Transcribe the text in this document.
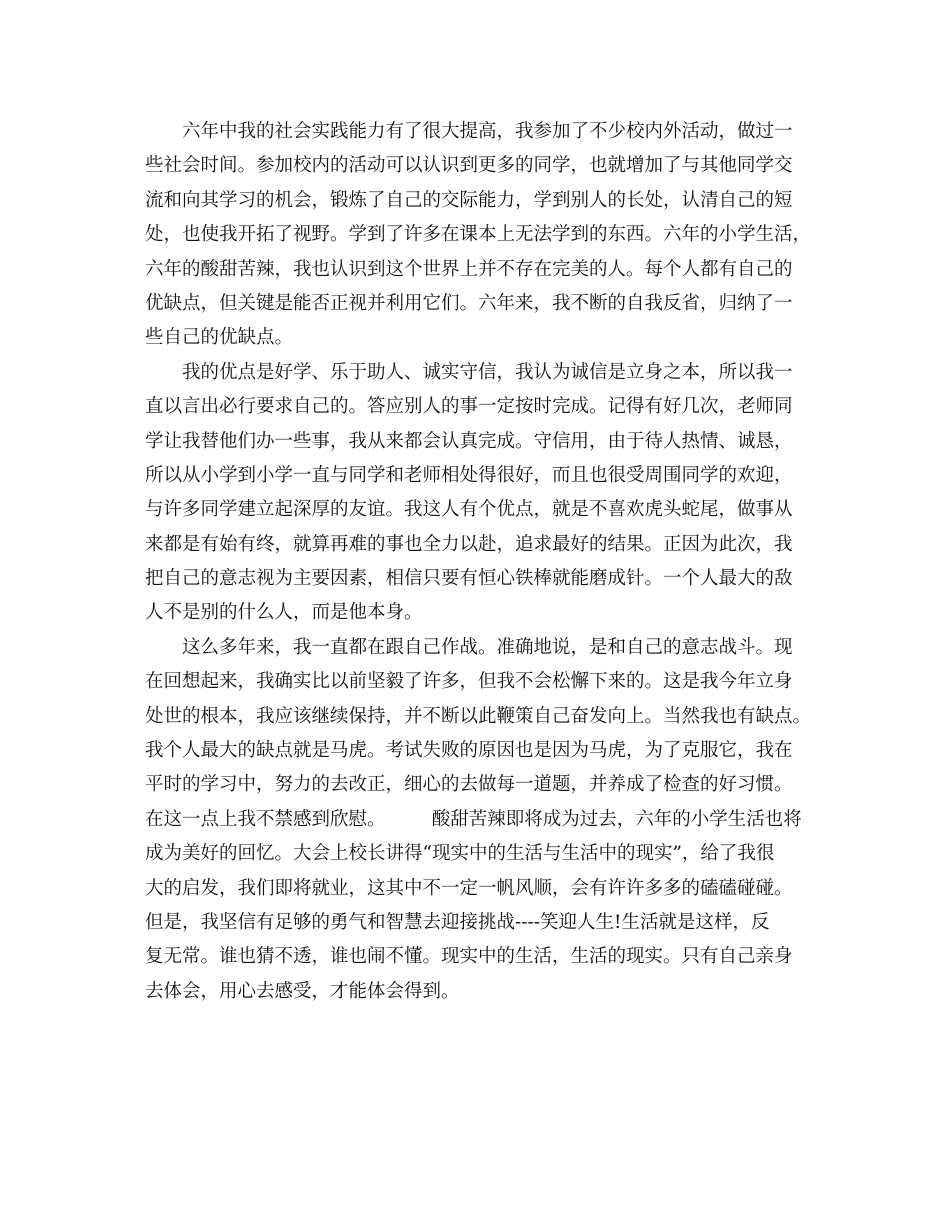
六年中我的社会实践能力有了很大提高，我参加了不少校内外活动，做过一
些社会时间。参加校内的活动可以认识到更多的同学，也就增加了与其他同学交
流和向其学习的机会，锻炼了自己的交际能力，学到别人的长处，认清自己的短
处，也使我开拓了视野。学到了许多在课本上无法学到的东西。六年的小学生活，
六年的酸甜苦辣，我也认识到这个世界上并不存在完美的人。每个人都有自己的
优缺点，但关键是能否正视并利用它们。六年来，我不断的自我反省，归纳了一
些自己的优缺点。
我的优点是好学、乐于助人、诚实守信，我认为诚信是立身之本，所以我一
直以言出必行要求自己的。答应别人的事一定按时完成。记得有好几次，老师同
学让我替他们办一些事，我从来都会认真完成。守信用，由于待人热情、诚恳，
所以从小学到小学一直与同学和老师相处得很好，而且也很受周围同学的欢迎，
与许多同学建立起深厚的友谊。我这人有个优点，就是不喜欢虎头蛇尾，做事从
来都是有始有终，就算再难的事也全力以赴，追求最好的结果。正因为此次，我
把自己的意志视为主要因素，相信只要有恒心铁棒就能磨成针。一个人最大的敌
人不是别的什么人，而是他本身。
这么多年来，我一直都在跟自己作战。准确地说，是和自己的意志战斗。现
在回想起来，我确实比以前坚毅了许多，但我不会松懈下来的。这是我今年立身
处世的根本，我应该继续保持，并不断以此鞭策自己奋发向上。当然我也有缺点。
我个人最大的缺点就是马虎。考试失败的原因也是因为马虎，为了克服它，我在
平时的学习中，努力的去改正，细心的去做每一道题，并养成了检查的好习惯。
在这一点上我不禁感到欣慰。　　　酸甜苦辣即将成为过去，六年的小学生活也将
成为美好的回忆。大会上校长讲得“现实中的生活与生活中的现实”，给了我很
大的启发，我们即将就业，这其中不一定一帆风顺，会有许许多多的磕磕碰碰。
但是，我坚信有足够的勇气和智慧去迎接挑战----笑迎人生!生活就是这样，反
复无常。谁也猜不透，谁也闹不懂。现实中的生活，生活的现实。只有自己亲身
去体会，用心去感受，才能体会得到。
